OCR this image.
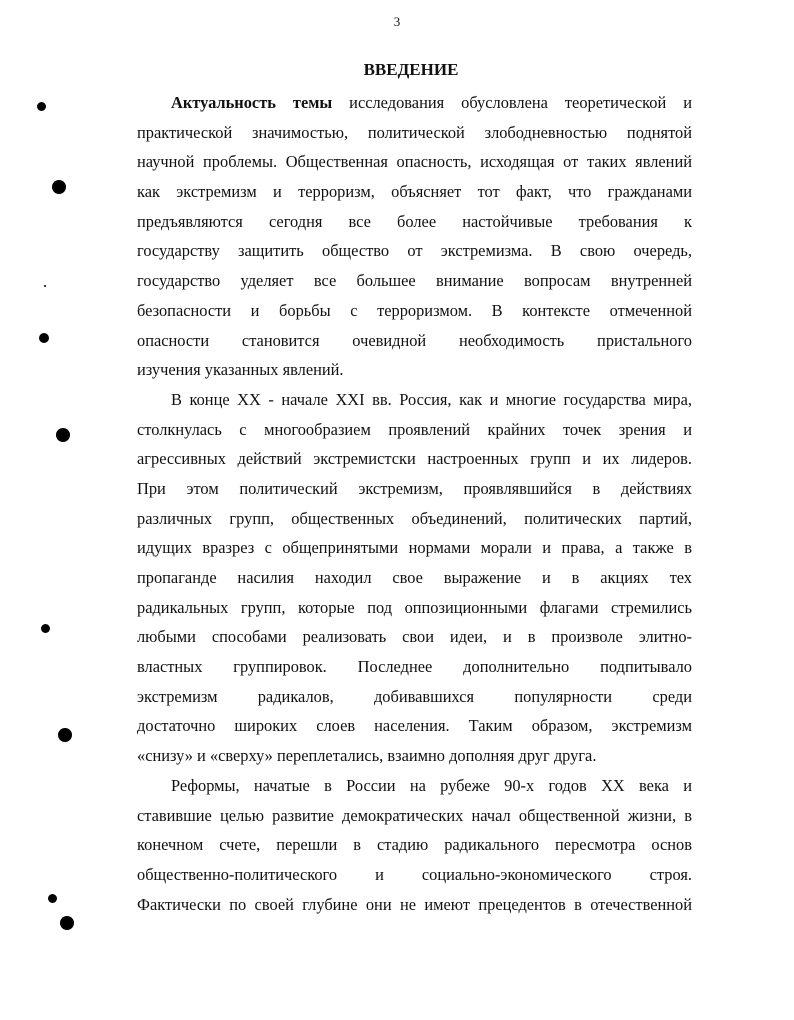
3
ВВЕДЕНИЕ
Актуальность темы исследования обусловлена теоретической и
практической значимостью, политической злободневностью поднятой
научной проблемы. Общественная опасность, исходящая от таких явлений
как экстремизм и терроризм, объясняет тот факт, что гражданами
предъявляются сегодня все более настойчивые требования к
государству защитить общество от экстремизма. В свою очередь,
государство уделяет все большее внимание вопросам внутренней
безопасности и борьбы с терроризмом. В контексте отмеченной
опасности становится очевидной необходимость пристального
изучения указанных явлений.
В конце XX - начале XXI вв. Россия, как и многие государства мира,
столкнулась с многообразием проявлений крайних точек зрения и
агрессивных действий экстремистски настроенных групп и их лидеров.
При этом политический экстремизм, проявлявшийся в действиях
различных групп, общественных объединений, политических партий,
идущих вразрез с общепринятыми нормами морали и права, а также в
пропаганде насилия находил свое выражение и в акциях тех
радикальных групп, которые под оппозиционными флагами стремились
любыми способами реализовать свои идеи, и в произволе элитно-
властных группировок. Последнее дополнительно подпитывало
экстремизм радикалов, добивавшихся популярности среди
достаточно широких слоев населения. Таким образом, экстремизм
«снизу» и «сверху» переплетались, взаимно дополняя друг друга.
Реформы, начатые в России на рубеже 90-х годов XX века и
ставившие целью развитие демократических начал общественной жизни, в
конечном счете, перешли в стадию радикального пересмотра основ
общественно-политического и социально-экономического строя.
Фактически по своей глубине они не имеют прецедентов в отечественной
